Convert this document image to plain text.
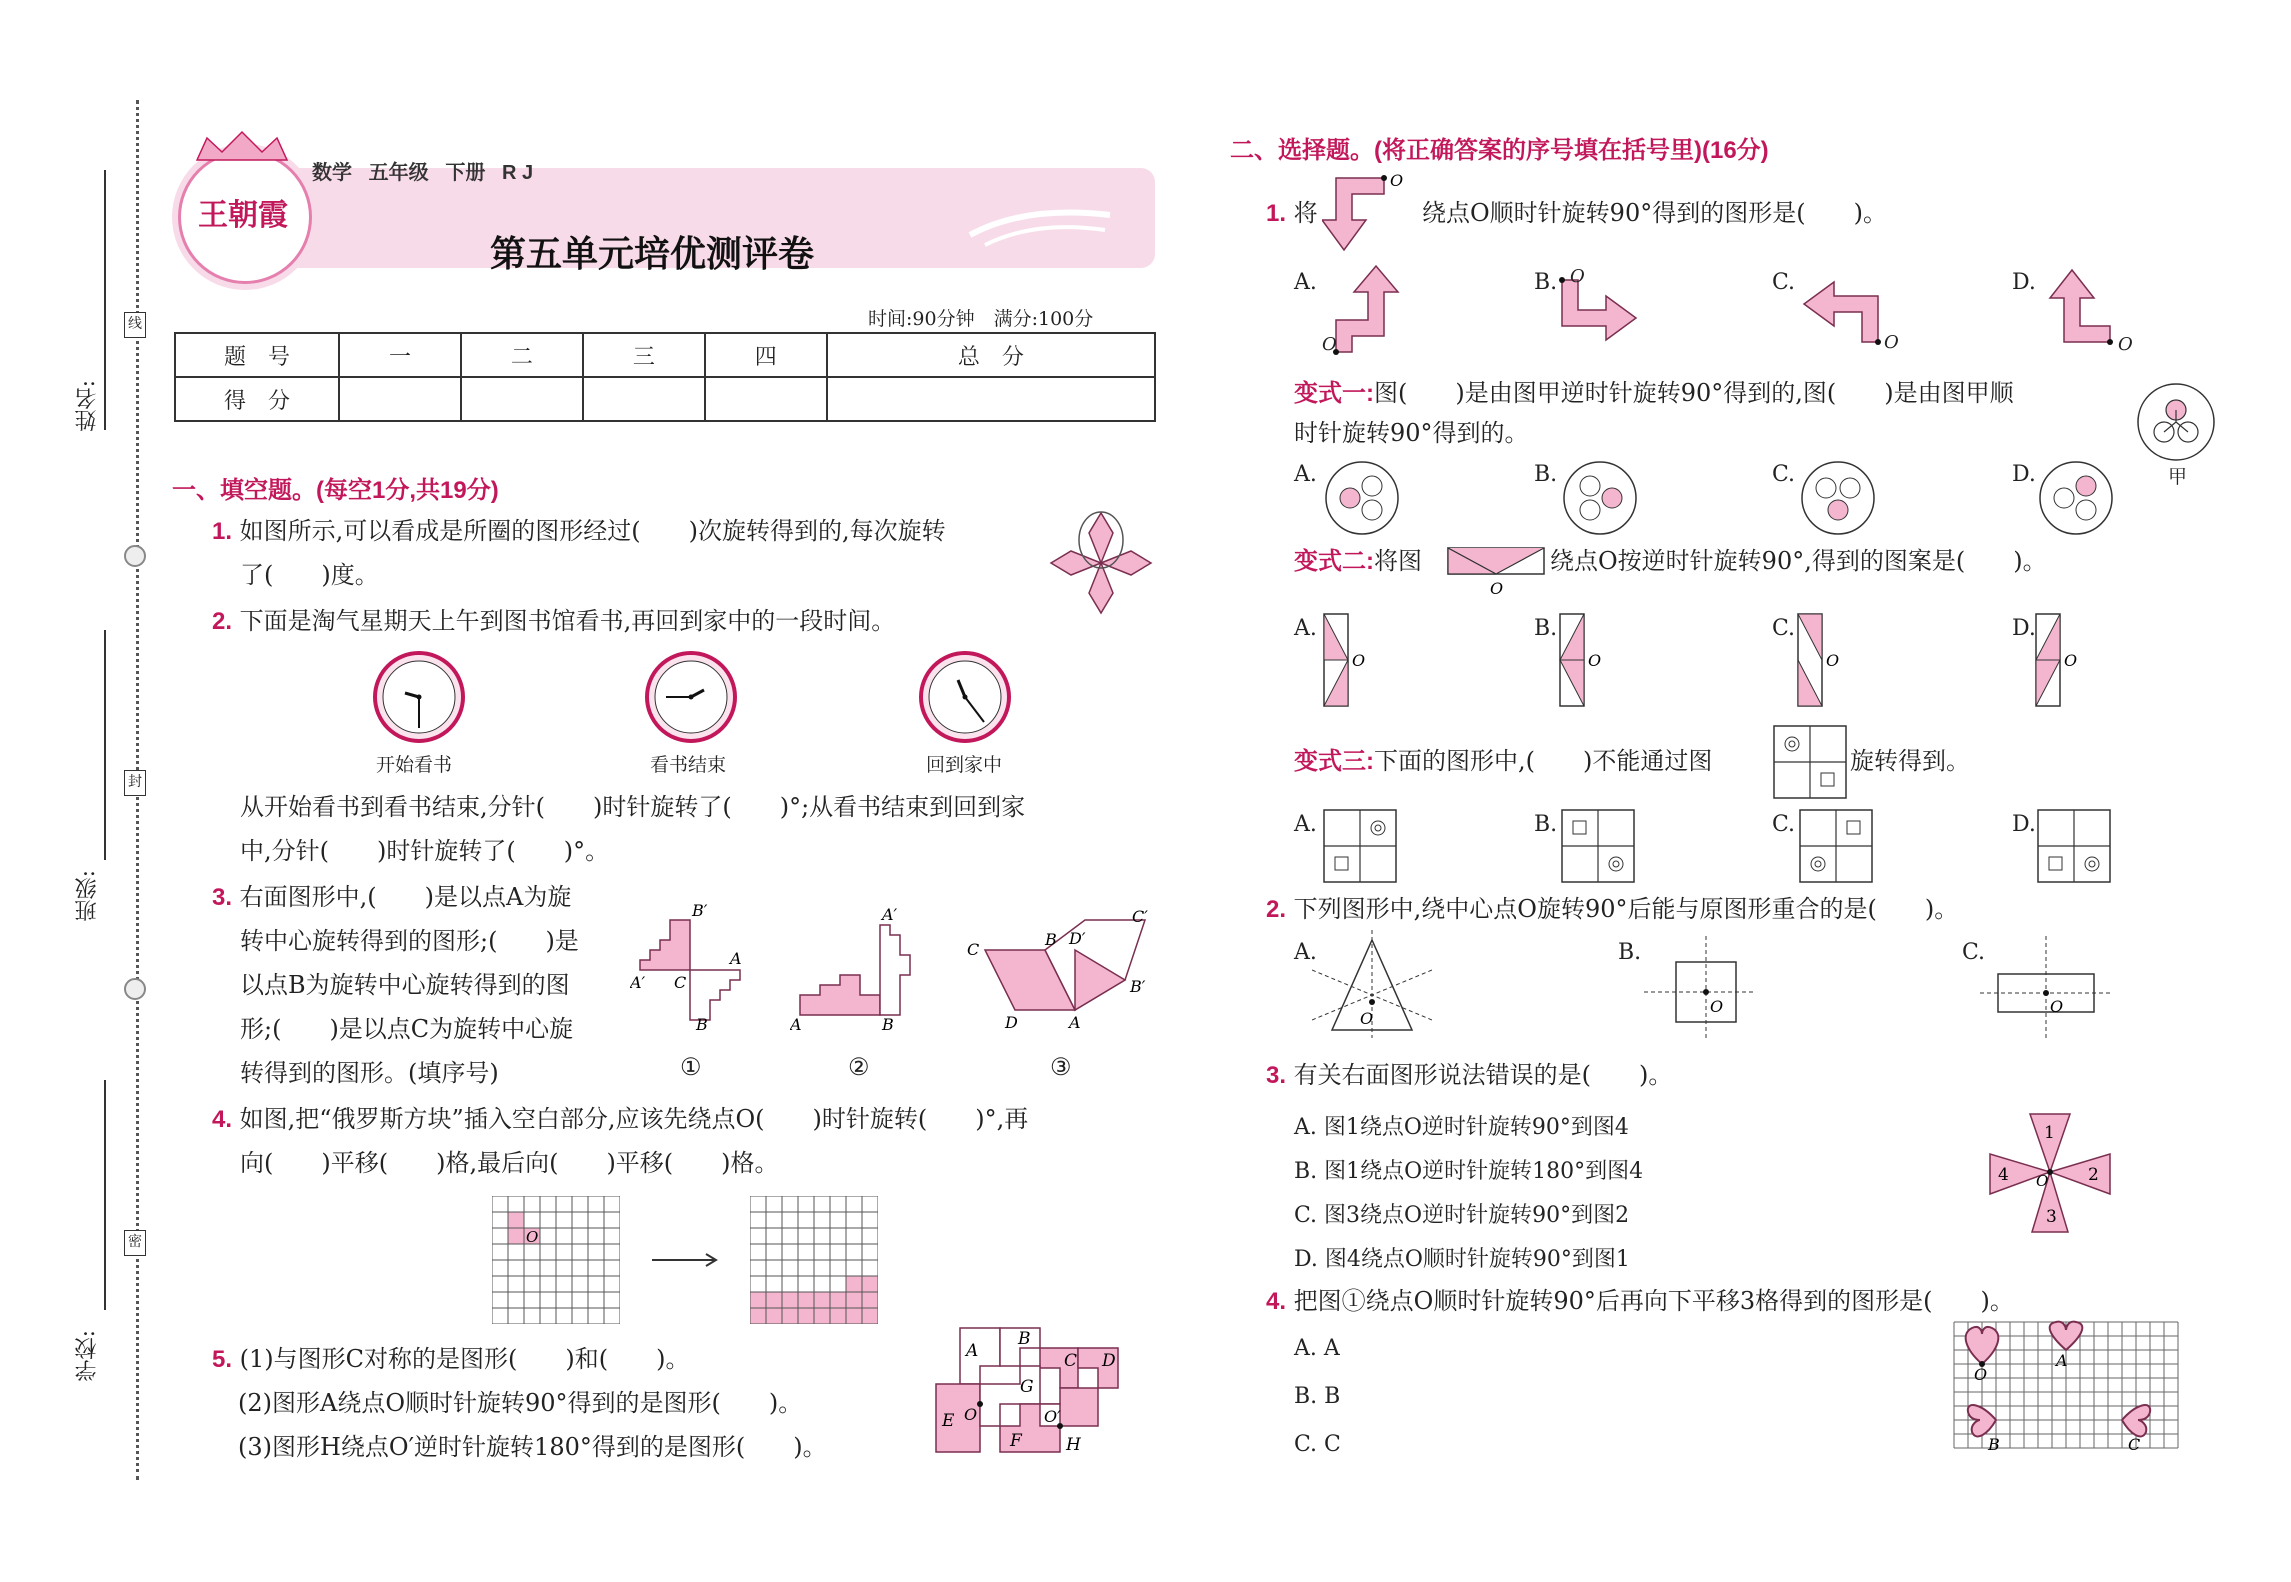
姓名:
班级:
学校:
线
封
密
王朝霞
数学 五年级 下册 R J
第五单元培优测评卷
时间:90分钟　满分:100分
题　号	一	二	三	四	总　分
得　分					
一、填空题。(每空1分,共19分)
1. 如图所示,可以看成是所圈的图形经过(　　)次旋转得到的,每次旋转
了(　　)度。
2. 下面是淘气星期天上午到图书馆看书,再回到家中的一段时间。
开始看书	看书结束	回到家中
从开始看书到看书结束,分针(　　)时针旋转了(　　)°;从看书结束到回到家
中,分针(　　)时针旋转了(　　)°。
3. 右面图形中,(　　)是以点A为旋
转中心旋转得到的图形;(　　)是
以点B为旋转中心旋转得到的图
形;(　　)是以点C为旋转中心旋
转得到的图形。(填序号)
B′
A
A′ C
B
A′
A	B
C
B D′
C′
B′
D	A
①	②	③
4. 如图,把“俄罗斯方块”插入空白部分,应该先绕点O(　　)时针旋转(　　)°,再
向(　　)平移(　　)格,最后向(　　)平移(　　)格。
O
5. (1)与图形C对称的是图形(　　)和(　　)。
(2)图形A绕点O顺时针旋转90°得到的是图形(　　)。
(3)图形H绕点O′逆时针旋转180°得到的是图形(　　)。
A
B
C D
E
F
G
H
O	O′
二、选择题。(将正确答案的序号填在括号里)(16分)
1. 将
O
绕点O顺时针旋转90°得到的图形是(　　)。
A.
O
B. O	C.
O
D.
O
变式一:图(　　)是由图甲逆时针旋转90°得到的,图(　　)是由图甲顺
时针旋转90°得到的。
甲
A.	B.	C.	D.
变式二:将图
O
绕点O按逆时针旋转90°,得到的图案是(　　)。
A.	B.	C.	D.
O	O	O	O
变式三:下面的图形中,(　　)不能通过图	旋转得到。
A.	B.	C.	D.
2. 下列图形中,绕中心点O旋转90°后能与原图形重合的是(　　)。
A.	B.	C.
O
O	O
3. 有关右面图形说法错误的是(　　)。
A. 图1绕点O逆时针旋转90°到图4
B. 图1绕点O逆时针旋转180°到图4
C. 图3绕点O逆时针旋转90°到图2
D. 图4绕点O顺时针旋转90°到图1
1
2
3
4 O
4. 把图①绕点O顺时针旋转90°后再向下平移3格得到的图形是(　　)。
A. A
B. B
C. C
O
A
B	C
